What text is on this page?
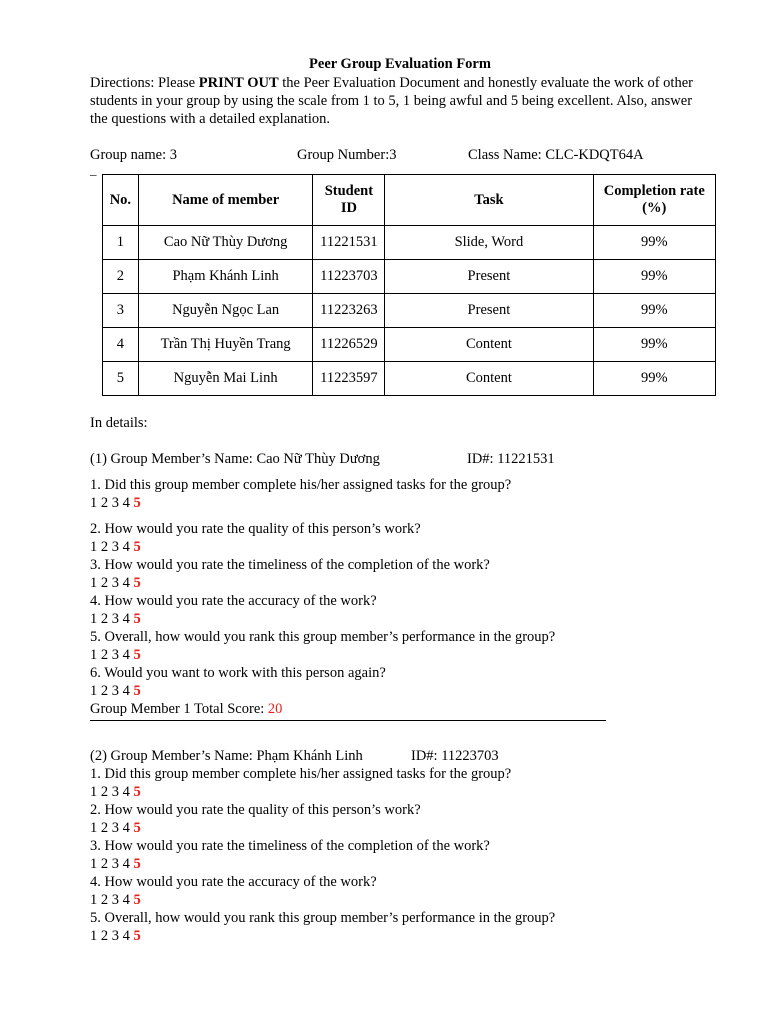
Peer Group Evaluation Form
Directions: Please PRINT OUT the Peer Evaluation Document and honestly evaluate the work of other students in your group by using the scale from 1 to 5, 1 being awful and 5 being excellent. Also, answer the questions with a detailed explanation.
Group name: 3	Group Number:3	Class Name: CLC-KDQT64A
_
No.	Name of member	Student ID	Task	Completion rate (%)
1	Cao Nữ Thùy Dương	11221531	Slide, Word	99%
2	Phạm Khánh Linh	11223703	Present	99%
3	Nguyễn Ngọc Lan	11223263	Present	99%
4	Trần Thị Huyền Trang	11226529	Content	99%
5	Nguyễn Mai Linh	11223597	Content	99%
In details:
(1) Group Member’s Name: Cao Nữ Thùy Dương	ID#: 11221531
1. Did this group member complete his/her assigned tasks for the group?
1 2 3 4 5
2. How would you rate the quality of this person’s work?
1 2 3 4 5
3. How would you rate the timeliness of the completion of the work?
1 2 3 4 5
4. How would you rate the accuracy of the work?
1 2 3 4 5
5. Overall, how would you rank this group member’s performance in the group?
1 2 3 4 5
6. Would you want to work with this person again?
1 2 3 4 5
Group Member 1 Total Score: 20
(2) Group Member’s Name: Phạm Khánh Linh	ID#: 11223703
1. Did this group member complete his/her assigned tasks for the group?
1 2 3 4 5
2. How would you rate the quality of this person’s work?
1 2 3 4 5
3. How would you rate the timeliness of the completion of the work?
1 2 3 4 5
4. How would you rate the accuracy of the work?
1 2 3 4 5
5. Overall, how would you rank this group member’s performance in the group?
1 2 3 4 5
